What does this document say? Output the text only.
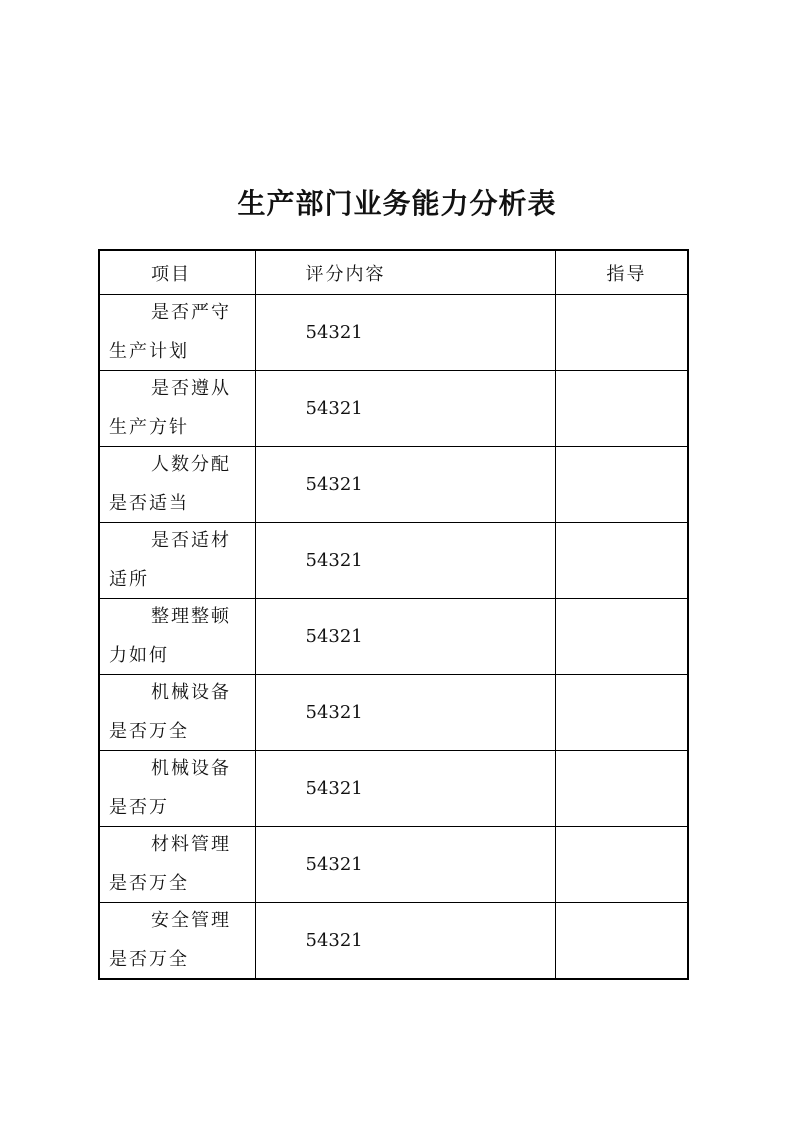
生产部门业务能力分析表
项目	评分内容	指导

是否严守
生产计划	54321	

是否遵从
生产方针	54321	

人数分配
是否适当	54321	

是否适材
适所	54321	

整理整顿
力如何	54321	

机械设备
是否万全	54321	

机械设备
是否万	54321	

材料管理
是否万全	54321	

安全管理
是否万全	54321	
